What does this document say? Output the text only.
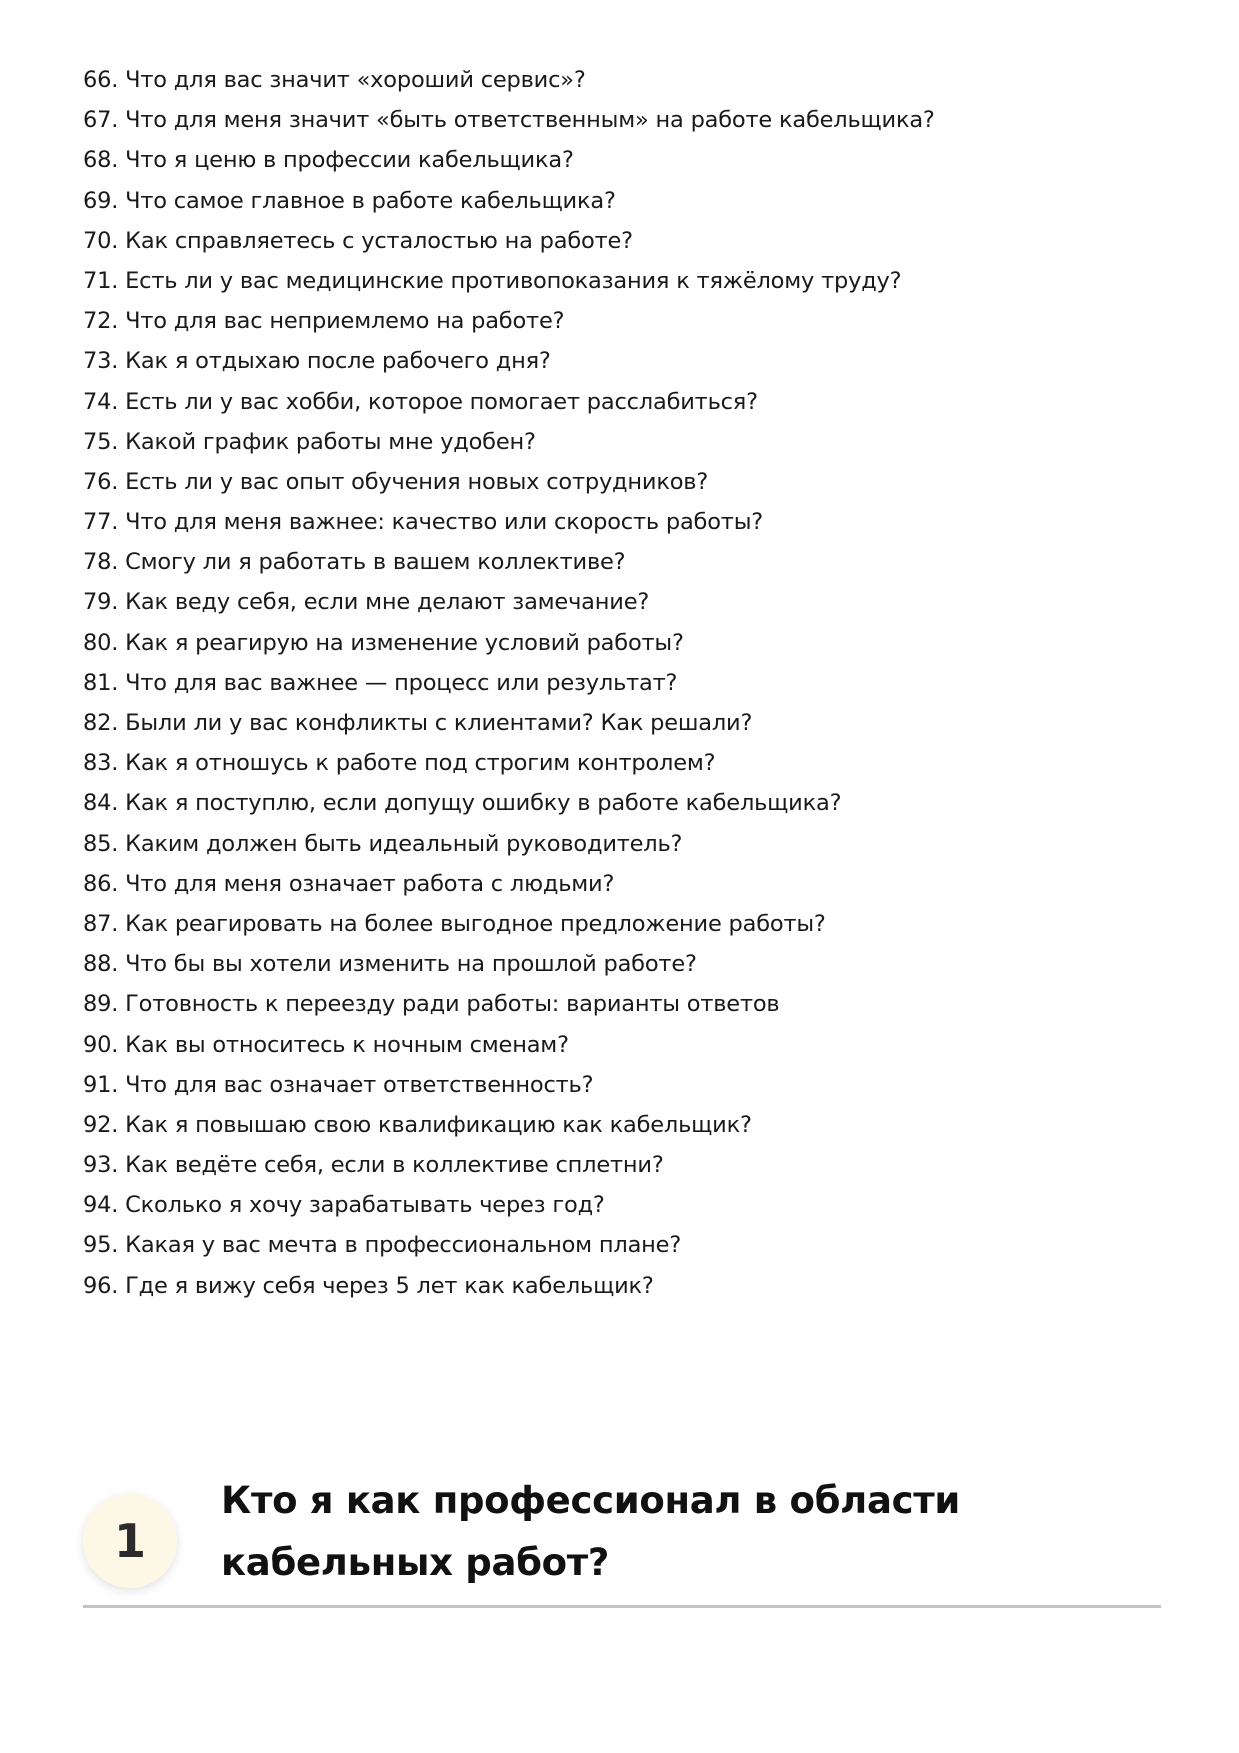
66. Что для вас значит «хороший сервис»?
67. Что для меня значит «быть ответственным» на работе кабельщика?
68. Что я ценю в профессии кабельщика?
69. Что самое главное в работе кабельщика?
70. Как справляетесь с усталостью на работе?
71. Есть ли у вас медицинские противопоказания к тяжёлому труду?
72. Что для вас неприемлемо на работе?
73. Как я отдыхаю после рабочего дня?
74. Есть ли у вас хобби, которое помогает расслабиться?
75. Какой график работы мне удобен?
76. Есть ли у вас опыт обучения новых сотрудников?
77. Что для меня важнее: качество или скорость работы?
78. Смогу ли я работать в вашем коллективе?
79. Как веду себя, если мне делают замечание?
80. Как я реагирую на изменение условий работы?
81. Что для вас важнее — процесс или результат?
82. Были ли у вас конфликты с клиентами? Как решали?
83. Как я отношусь к работе под строгим контролем?
84. Как я поступлю, если допущу ошибку в работе кабельщика?
85. Каким должен быть идеальный руководитель?
86. Что для меня означает работа с людьми?
87. Как реагировать на более выгодное предложение работы?
88. Что бы вы хотели изменить на прошлой работе?
89. Готовность к переезду ради работы: варианты ответов
90. Как вы относитесь к ночным сменам?
91. Что для вас означает ответственность?
92. Как я повышаю свою квалификацию как кабельщик?
93. Как ведёте себя, если в коллективе сплетни?
94. Сколько я хочу зарабатывать через год?
95. Какая у вас мечта в профессиональном плане?
96. Где я вижу себя через 5 лет как кабельщик?
1
Кто я как профессионал в области кабельных работ?
